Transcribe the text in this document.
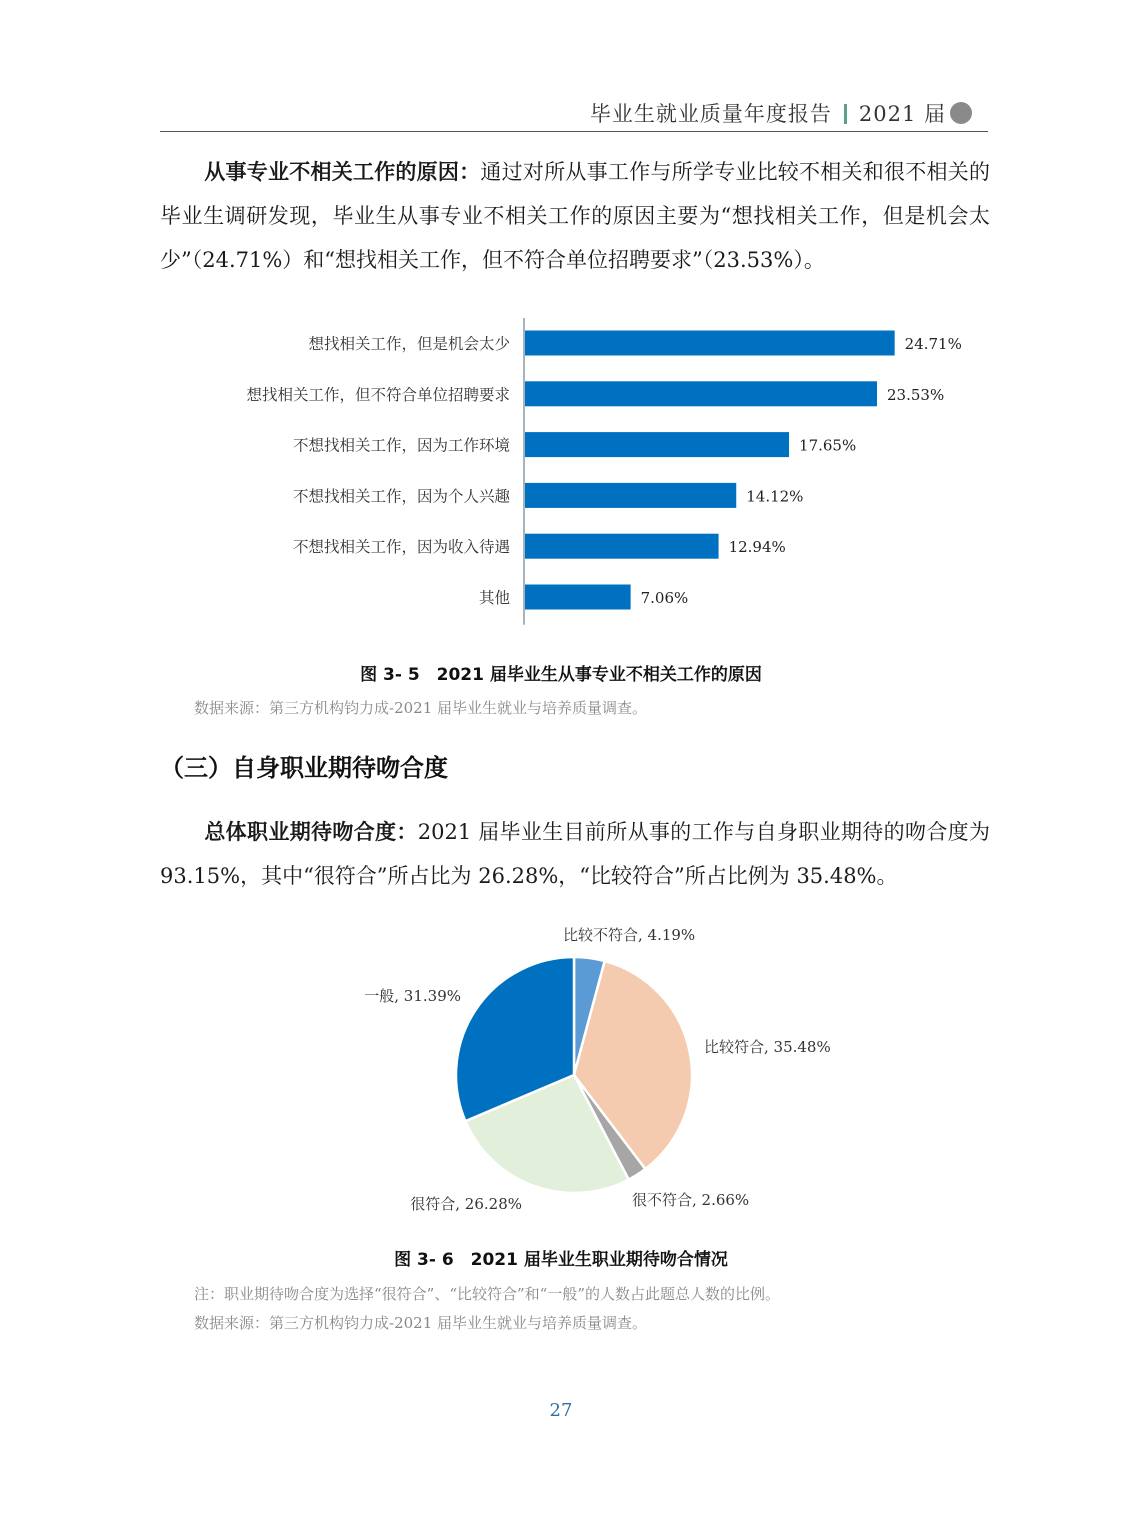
毕业生就业质量年度报告 2021 届
从事专业不相关工作的原因：通过对所从事工作与所学专业比较不相关和很不相关的毕业生调研发现，毕业生从事专业不相关工作的原因主要为“想找相关工作，但是机会太少”（24.71%）和“想找相关工作，但不符合单位招聘要求”（23.53%）。
想找相关工作，但是机会太少	24.71%
想找相关工作，但不符合单位招聘要求	23.53%
不想找相关工作，因为工作环境	17.65%
不想找相关工作，因为个人兴趣	14.12%
不想找相关工作，因为收入待遇	12.94%
其他	7.06%
图 3- 5　2021 届毕业生从事专业不相关工作的原因
数据来源：第三方机构钧力成-2021 届毕业生就业与培养质量调查。
（三）自身职业期待吻合度
总体职业期待吻合度：2021 届毕业生目前所从事的工作与自身职业期待的吻合度为 93.15%，其中“很符合”所占比为 26.28%，“比较符合”所占比例为 35.48%。
比较不符合, 4.19%
比较符合, 35.48%
很不符合, 2.66%
很符合, 26.28%
一般, 31.39%
图 3- 6　2021 届毕业生职业期待吻合情况
注：职业期待吻合度为选择“很符合”、“比较符合”和“一般”的人数占此题总人数的比例。
数据来源：第三方机构钧力成-2021 届毕业生就业与培养质量调查。
27
